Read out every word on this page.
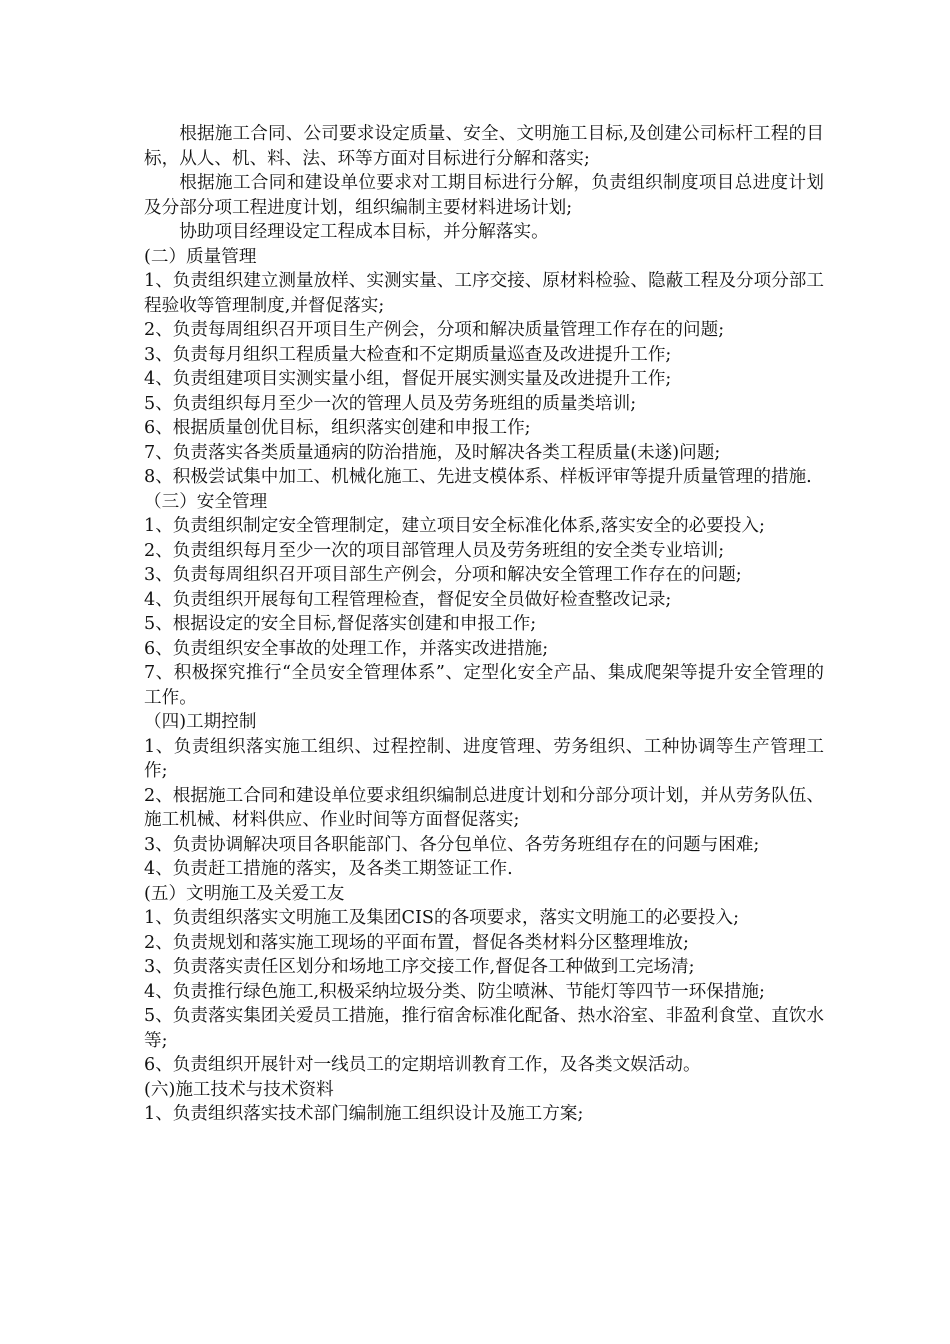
根据施工合同、公司要求设定质量、安全、文明施工目标,及创建公司标杆工程的目标，从人、机、料、法、环等方面对目标进行分解和落实;

根据施工合同和建设单位要求对工期目标进行分解，负责组织制度项目总进度计划及分部分项工程进度计划，组织编制主要材料进场计划;

协助项目经理设定工程成本目标，并分解落实。

(二）质量管理

1、负责组织建立测量放样、实测实量、工序交接、原材料检验、隐蔽工程及分项分部工程验收等管理制度,并督促落实;

2、负责每周组织召开项目生产例会，分项和解决质量管理工作存在的问题;

3、负责每月组织工程质量大检查和不定期质量巡查及改进提升工作;

4、负责组建项目实测实量小组，督促开展实测实量及改进提升工作;

5、负责组织每月至少一次的管理人员及劳务班组的质量类培训;

6、根据质量创优目标，组织落实创建和申报工作;

7、负责落实各类质量通病的防治措施，及时解决各类工程质量(未遂)问题;

8、积极尝试集中加工、机械化施工、先进支模体系、样板评审等提升质量管理的措施.

（三）安全管理

1、负责组织制定安全管理制定，建立项目安全标准化体系,落实安全的必要投入;

2、负责组织每月至少一次的项目部管理人员及劳务班组的安全类专业培训;

3、负责每周组织召开项目部生产例会，分项和解决安全管理工作存在的问题;

4、负责组织开展每旬工程管理检查，督促安全员做好检查整改记录;

5、根据设定的安全目标,督促落实创建和申报工作;

6、负责组织安全事故的处理工作，并落实改进措施;

7、积极探究推行“全员安全管理体系”、定型化安全产品、集成爬架等提升安全管理的工作。

（四)工期控制

1、负责组织落实施工组织、过程控制、进度管理、劳务组织、工种协调等生产管理工作;

2、根据施工合同和建设单位要求组织编制总进度计划和分部分项计划，并从劳务队伍、施工机械、材料供应、作业时间等方面督促落实;

3、负责协调解决项目各职能部门、各分包单位、各劳务班组存在的问题与困难;

4、负责赶工措施的落实，及各类工期签证工作.

(五）文明施工及关爱工友

1、负责组织落实文明施工及集团CIS的各项要求，落实文明施工的必要投入;

2、负责规划和落实施工现场的平面布置，督促各类材料分区整理堆放;

3、负责落实责任区划分和场地工序交接工作,督促各工种做到工完场清;

4、负责推行绿色施工,积极采纳垃圾分类、防尘喷淋、节能灯等四节一环保措施;

5、负责落实集团关爱员工措施，推行宿舍标准化配备、热水浴室、非盈利食堂、直饮水等;

6、负责组织开展针对一线员工的定期培训教育工作，及各类文娱活动。

(六)施工技术与技术资料

1、负责组织落实技术部门编制施工组织设计及施工方案;
